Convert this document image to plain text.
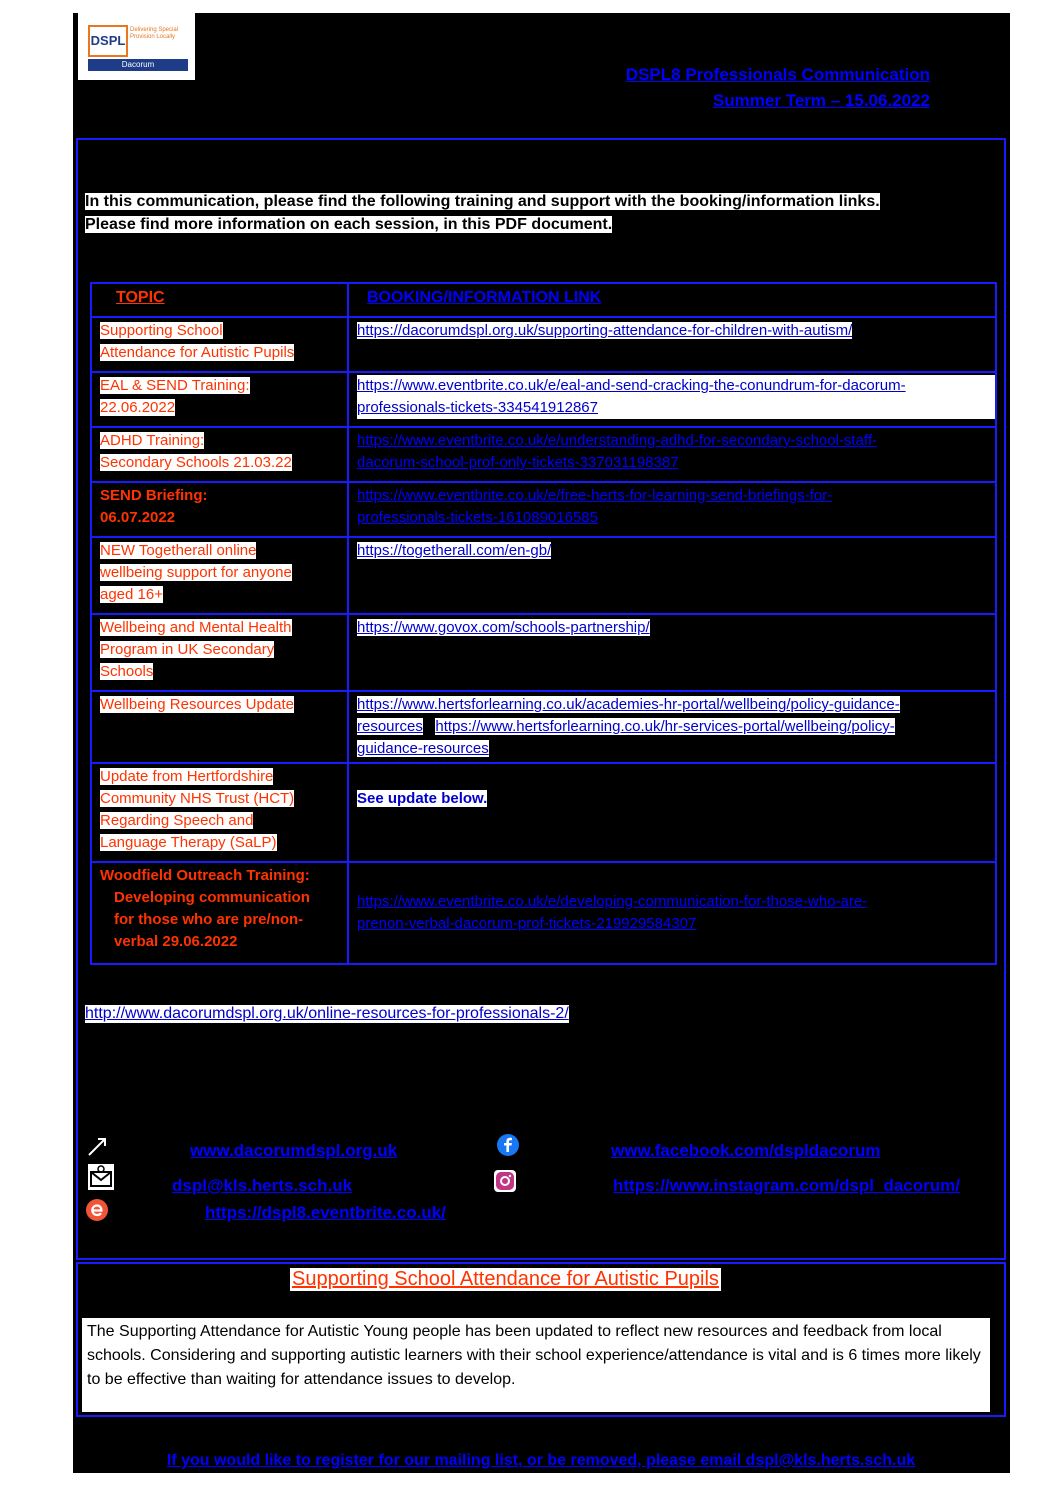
DSPL
Delivering Special Provision Locally
Dacorum
DSPL8 Professionals Communication
Summer Term – 15.06.2022
In this communication, please find the following training and support with the booking/information links.
Please find more information on each session, in this PDF document.
TOPIC	BOOKING/INFORMATION LINK
Supporting School
Attendance for Autistic Pupils	https://dacorumdspl.org.uk/supporting-attendance-for-children-with-autism/
EAL & SEND Training:
22.06.2022	https://www.eventbrite.co.uk/e/eal-and-send-cracking-the-conundrum-for-dacorum-
professionals-tickets-334541912867

ADHD Training:
Secondary Schools 21.03.22	https://www.eventbrite.co.uk/e/understanding-adhd-for-secondary-school-staff-
dacorum-school-prof-only-tickets-337031198387
SEND Briefing:
06.07.2022	https://www.eventbrite.co.uk/e/free-herts-for-learning-send-briefings-for-
professionals-tickets-161089016585
NEW Togetherall online
wellbeing support for anyone
aged 16+	https://togetherall.com/en-gb/
Wellbeing and Mental Health
Program in UK Secondary
Schools	https://www.govox.com/schools-partnership/
Wellbeing Resources Update	https://www.hertsforlearning.co.uk/academies-hr-portal/wellbeing/policy-guidance-
resources https://www.hertsforlearning.co.uk/hr-services-portal/wellbeing/policy-
guidance-resources
Update from Hertfordshire
Community NHS Trust (HCT)
Regarding Speech and
Language Therapy (SaLP)	See update below.
Woodfield Outreach Training:
Developing communication
for those who are pre/non-
verbal 29.06.2022	https://www.eventbrite.co.uk/e/developing-communication-for-those-who-are-
prenon-verbal-dacorum-prof-tickets-219929584307
http://www.dacorumdspl.org.uk/online-resources-for-professionals-2/
www.dacorumdspl.org.uk	www.facebook.com/dspldacorum
dspl@kls.herts.sch.uk	https://www.instagram.com/dspl_dacorum/
https://dspl8.eventbrite.co.uk/
Supporting School Attendance for Autistic Pupils
The Supporting Attendance for Autistic Young people has been updated to reflect new resources and feedback from local schools. Considering and supporting autistic learners with their school experience/attendance is vital and is 6 times more likely to be effective than waiting for attendance issues to develop.
If you would like to register for our mailing list, or be removed, please email dspl@kls.herts.sch.uk
